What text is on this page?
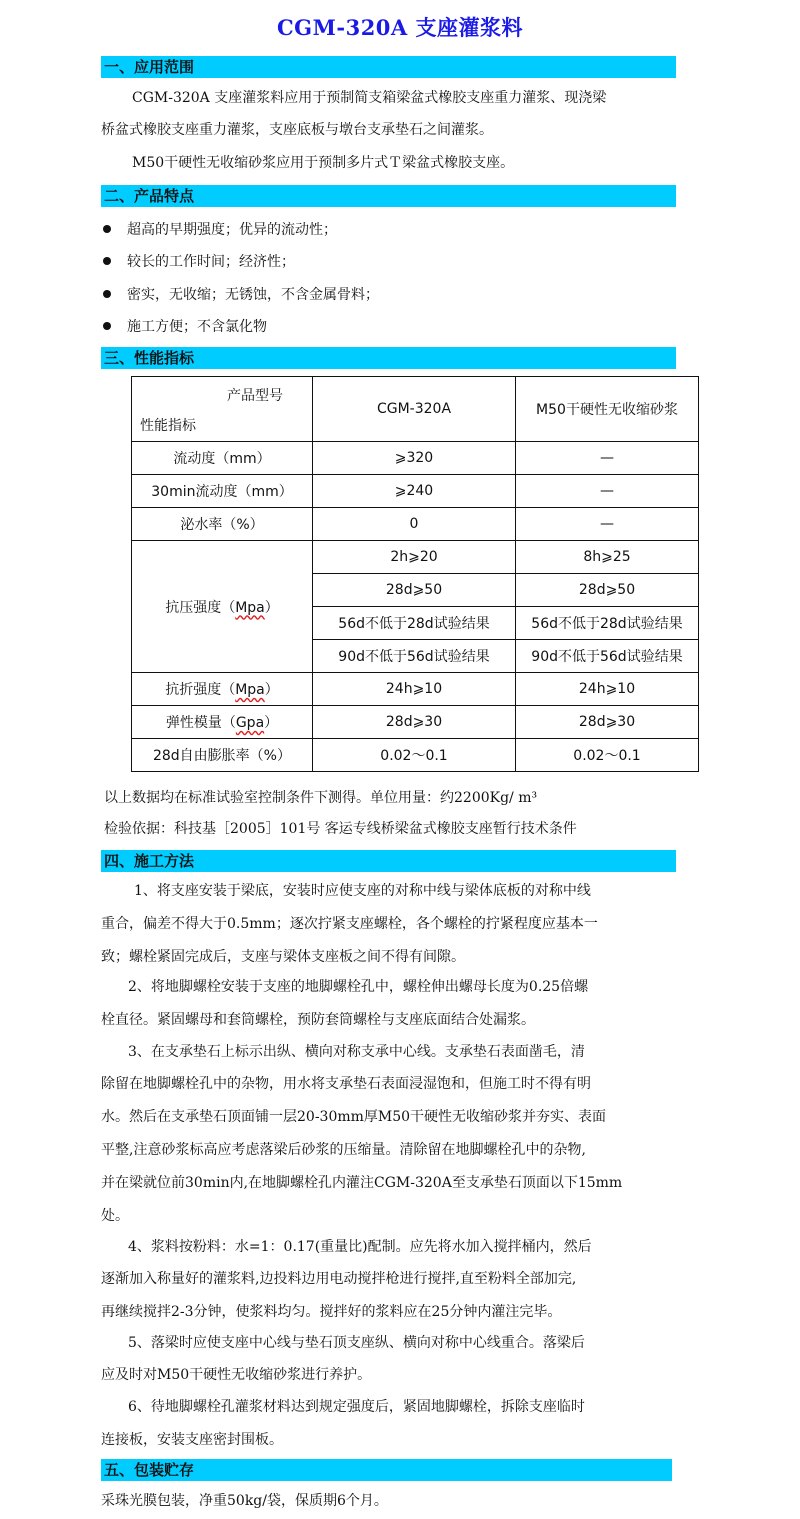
CGM-320A 支座灌浆料
一、应用范围
CGM-320A 支座灌浆料应用于预制简支箱梁盆式橡胶支座重力灌浆、现浇梁
桥盆式橡胶支座重力灌浆，支座底板与墩台支承垫石之间灌浆。
M50干硬性无收缩砂浆应用于预制多片式Ｔ梁盆式橡胶支座。
二、产品特点
超高的早期强度；优异的流动性；
较长的工作时间；经济性；
密实，无收缩；无锈蚀，不含金属骨料；
施工方便；不含氯化物
三、性能指标
产品型号
性能指标	CGM-320A	M50干硬性无收缩砂浆
流动度（mm）	⩾320	—
30min流动度（mm）	⩾240	—
泌水率（%）	0	—
抗压强度（Mpa）	2h⩾20	8h⩾25
	28d⩾50	28d⩾50
	56d不低于28d试验结果	56d不低于28d试验结果
	90d不低于56d试验结果	90d不低于56d试验结果
抗折强度（Mpa）	24h⩾10	24h⩾10
弹性模量（Gpa）	28d⩾30	28d⩾30
28d自由膨胀率（%）	0.02～0.1	0.02～0.1
以上数据均在标准试验室控制条件下测得。单位用量：约2200Kg/ m³
检验依据：科技基［2005］101号 客运专线桥梁盆式橡胶支座暂行技术条件
四、施工方法
1、将支座安装于梁底，安装时应使支座的对称中线与梁体底板的对称中线
重合，偏差不得大于0.5mm；逐次拧紧支座螺栓，各个螺栓的拧紧程度应基本一
致；螺栓紧固完成后，支座与梁体支座板之间不得有间隙。
2、将地脚螺栓安装于支座的地脚螺栓孔中，螺栓伸出螺母长度为0.25倍螺
栓直径。紧固螺母和套筒螺栓，预防套筒螺栓与支座底面结合处漏浆。
3、在支承垫石上标示出纵、横向对称支承中心线。支承垫石表面凿毛，清
除留在地脚螺栓孔中的杂物，用水将支承垫石表面浸湿饱和，但施工时不得有明
水。然后在支承垫石顶面铺一层20-30mm厚M50干硬性无收缩砂浆并夯实、表面
平整,注意砂浆标高应考虑落梁后砂浆的压缩量。清除留在地脚螺栓孔中的杂物,
并在梁就位前30min内,在地脚螺栓孔内灌注CGM-320A至支承垫石顶面以下15mm
处。
4、浆料按粉料：水=1：0.17(重量比)配制。应先将水加入搅拌桶内，然后
逐渐加入称量好的灌浆料,边投料边用电动搅拌枪进行搅拌,直至粉料全部加完,
再继续搅拌2-3分钟，使浆料均匀。搅拌好的浆料应在25分钟内灌注完毕。
5、落梁时应使支座中心线与垫石顶支座纵、横向对称中心线重合。落梁后
应及时对M50干硬性无收缩砂浆进行养护。
6、待地脚螺栓孔灌浆材料达到规定强度后，紧固地脚螺栓，拆除支座临时
连接板，安装支座密封围板。
五、包装贮存
采珠光膜包装，净重50kg/袋，保质期6个月。
